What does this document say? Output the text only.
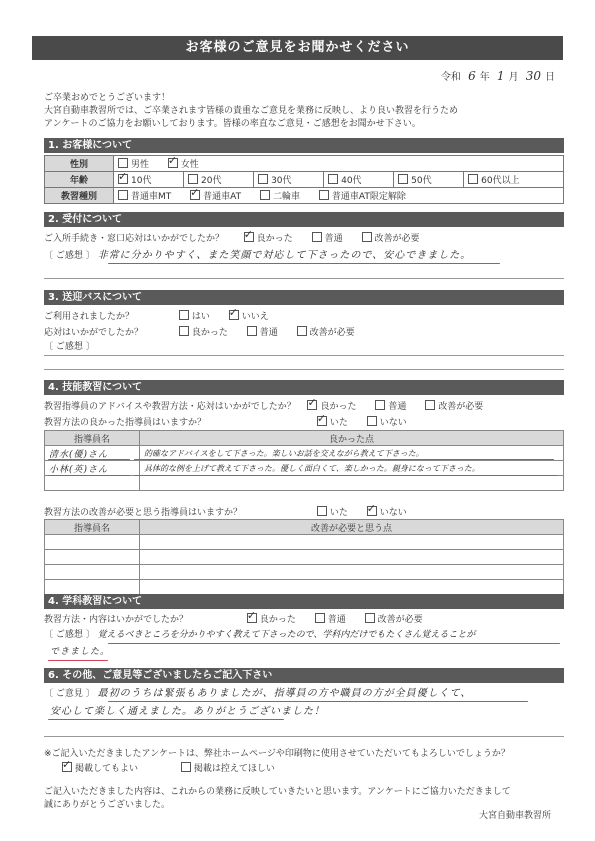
お客様のご意見をお聞かせください
令和 6 年 1 月 30 日
ご卒業おめでとうございます！
大宮自動車教習所では、ご卒業されます皆様の貴重なご意見を業務に反映し、より良い教習を行うため
アンケートのご協力をお願いしております。皆様の率直なご意見・ご感想をお聞かせ下さい。
1. お客様について
性別	男性 ✓ 女性
年齢	✓10代	20代	30代	40代	50代	60代以上
教習種別	普通車MT ✓ 普通車AT 二輪車 普通車AT限定解除
2. 受付について
ご入所手続き・窓口応対はいかがでしたか？ ✓	良かった	普通	改善が必要
〔 ご感想 〕 非常に分かりやすく、また笑顔で対応して下さったので、安心できました。
3. 送迎バスについて
ご利用されましたか？	はい ✓	いいえ
応対はいかがでしたか？	良かった	普通	改善が必要
〔 ご感想 〕
4. 技能教習について
教習指導員のアドバイスや教習方法・応対はいかがでしたか？ ✓	良かった	普通	改善が必要
教習方法の良かった指導員はいますか？ ✓	いた	いない
指導員名	良かった点
清水(優)さん	的確なアドバイスをして下さった。楽しいお話を交えながら教えて下さった。
小林(英)さん	具体的な例を上げて教えて下さった。優しく面白くて、楽しかった。親身になって下さった。

教習方法の改善が必要と思う指導員はいますか？	いた ✓	いない
指導員名	改善が必要と思う点

4. 学科教習について
教習方法・内容はいかがでしたか？ ✓	良かった	普通	改善が必要
〔 ご感想 〕 覚えるべきところを分かりやすく教えて下さったので、学科内だけでもたくさん覚えることが
できました。
6. その他、ご意見等ございましたらご記入下さい
〔 ご意見 〕 最初のうちは緊張もありましたが、指導員の方や職員の方が全員優しくて、
安心して楽しく通えました。ありがとうございました！
※ご記入いただきましたアンケートは、弊社ホームページや印刷物に使用させていただいてもよろしいでしょうか？
✓掲載してもよい	掲載は控えてほしい
ご記入いただきました内容は、これからの業務に反映していきたいと思います。アンケートにご協力いただきまして
誠にありがとうございました。
大宮自動車教習所
